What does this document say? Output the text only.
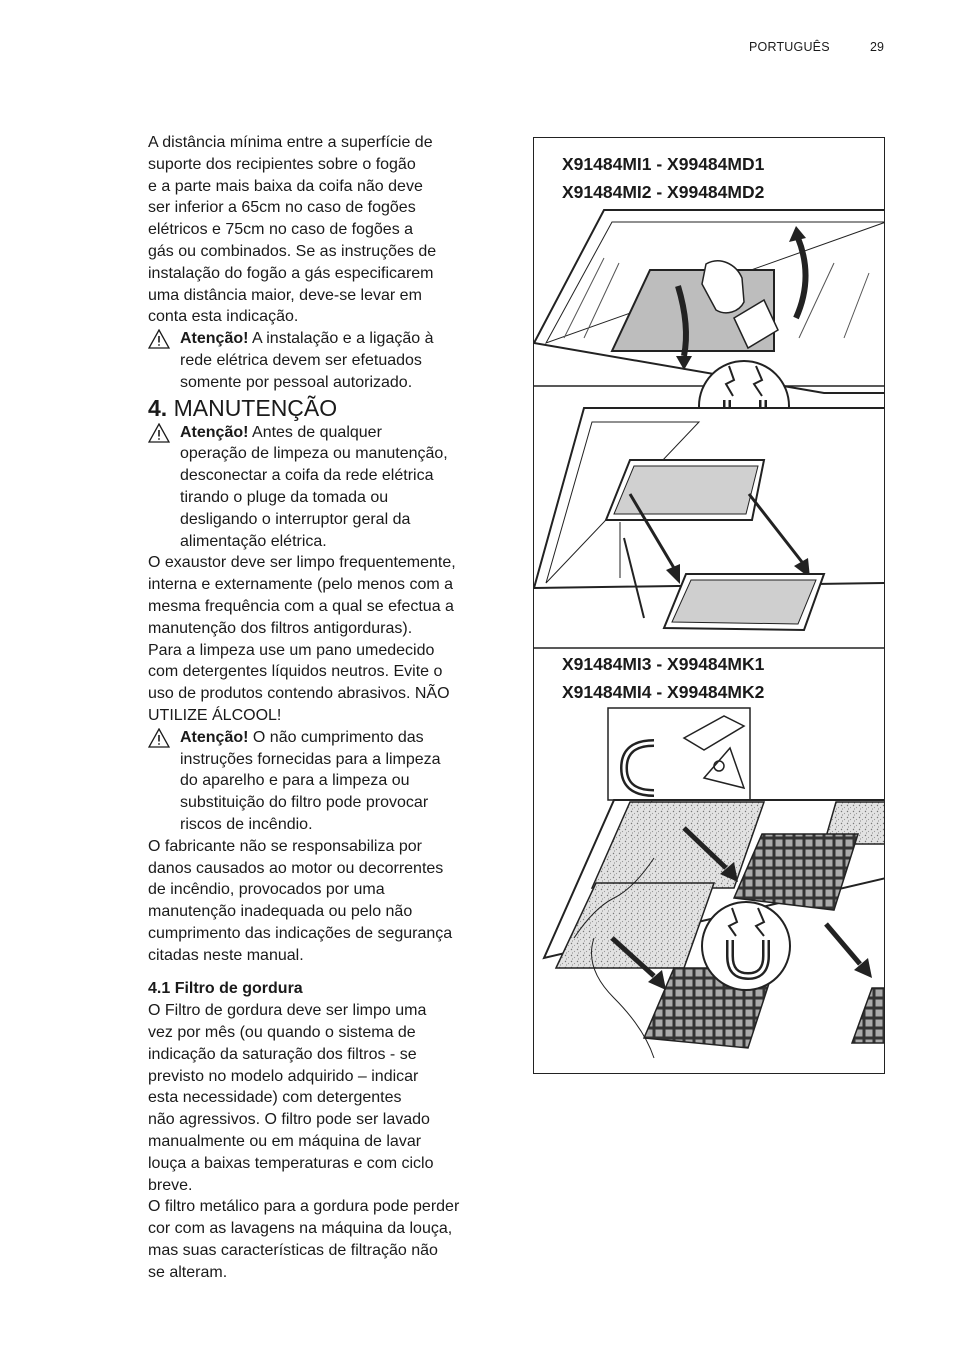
PORTUGUÊS	29

A distância mínima entre a superfície de
suporte dos recipientes sobre o fogão
e a parte mais baixa da coifa não deve
ser inferior a 65cm no caso de fogões
elétricos e 75cm no caso de fogões a
gás ou combinados. Se as instruções de
instalação do fogão a gás especificarem
uma distância maior, deve-se levar em
conta esta indicação.

Atenção! A instalação e a ligação à
rede elétrica devem ser efetuados
somente por pessoal autorizado.

4. MANUTENÇÃO

Atenção! Antes de qualquer
operação de limpeza ou manutenção,
desconectar a coifa da rede elétrica
tirando o pluge da tomada ou
desligando o interruptor geral da
alimentação elétrica.

O exaustor deve ser limpo frequentemente,
interna e externamente (pelo menos com a
mesma frequência com a qual se efectua a
manutenção dos filtros antigorduras).
Para a limpeza use um pano umedecido
com detergentes líquidos neutros. Evite o
uso de produtos contendo abrasivos. NÃO
UTILIZE ÁLCOOL!

Atenção! O não cumprimento das
instruções fornecidas para a limpeza
do aparelho e para a limpeza ou
substituição do filtro pode provocar
riscos de incêndio.

O fabricante não se responsabiliza por
danos causados ao motor ou decorrentes
de incêndio, provocados por uma
manutenção inadequada ou pelo não
cumprimento das indicações de segurança
citadas neste manual.

4.1 Filtro de gordura

O Filtro de gordura deve ser limpo uma
vez por mês (ou quando o sistema de
indicação da saturação dos filtros - se
previsto no modelo adquirido – indicar
esta necessidade) com detergentes
não agressivos. O filtro pode ser lavado
manualmente ou em máquina de lavar
louça a baixas temperaturas e com ciclo
breve.
O filtro metálico para a gordura pode perder
cor com as lavagens na máquina da louça,
mas suas características de filtração não
se alteram.

X91484MI1 - X99484MD1
X91484MI2 - X99484MD2
X91484MI3 - X99484MK1
X91484MI4 - X99484MK2
